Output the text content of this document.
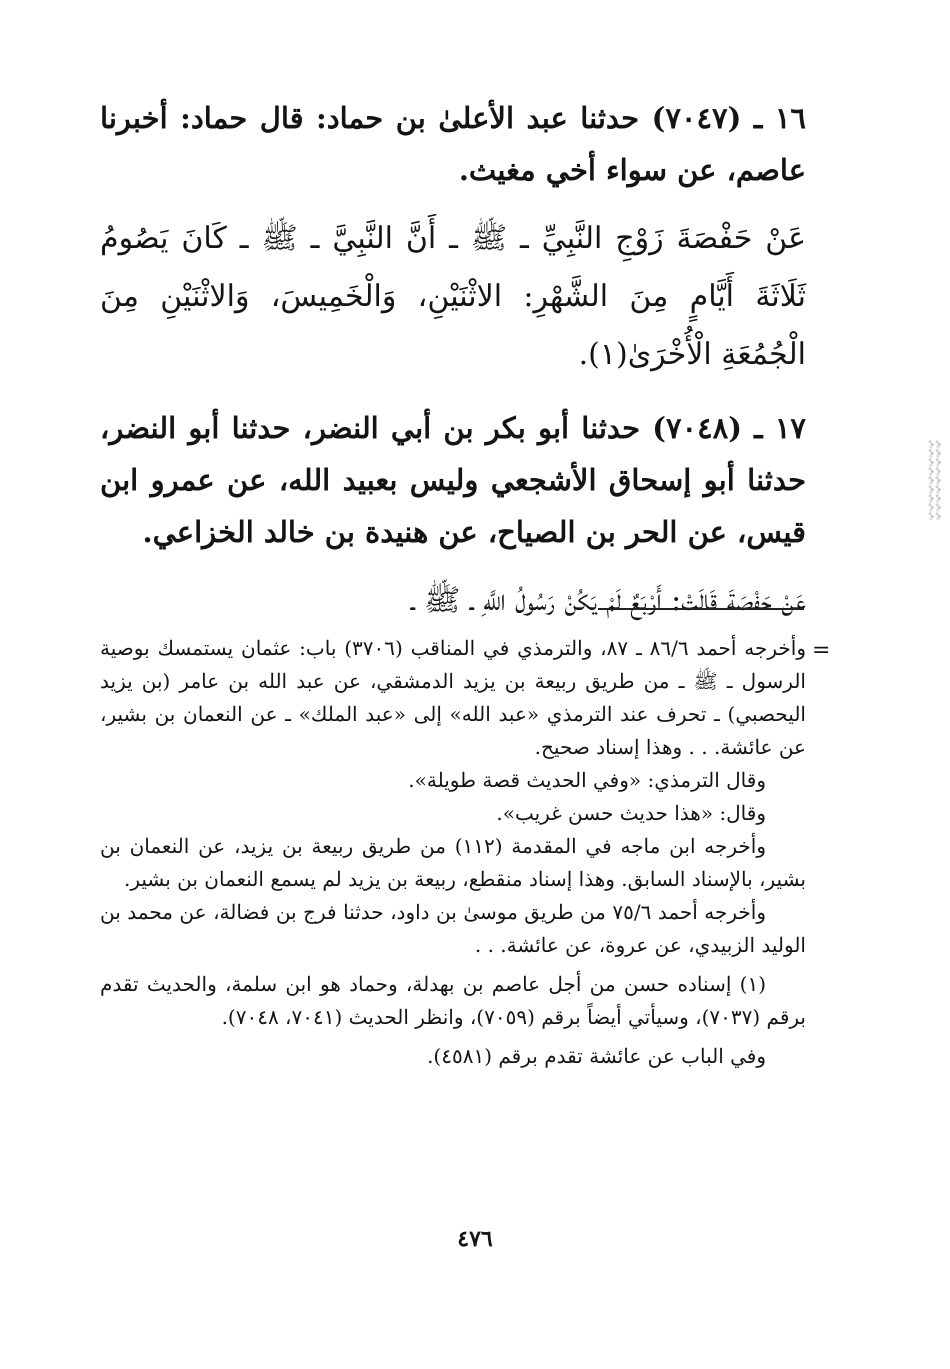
١٦ ـ (٧٠٤٧) حدثنا عبد الأعلىٰ بن حماد: قال حماد: أخبرنا عاصم، عن سواء أخي مغيث.

عَنْ حَفْصَةَ زَوْجِ النَّبِيِّ ـ ﷺ ـ أَنَّ النَّبِيَّ ـ ﷺ ـ كَانَ يَصُومُ ثَلَاثَةَ أَيَّامٍ مِنَ الشَّهْرِ: الاثْنَيْنِ، وَالْخَمِيسَ، وَالاثْنَيْنِ مِنَ الْجُمُعَةِ الْأُخْرَىٰ(١).

١٧ ـ (٧٠٤٨) حدثنا أبو بكر بن أبي النضر، حدثنا أبو النضر، حدثنا أبو إسحاق الأشجعي وليس بعبيد الله، عن عمرو ابن قيس، عن الحر بن الصياح، عن هنيدة بن خالد الخزاعي.

عَنْ حَفْصَةَ قَالَتْ: أَرْبَعٌ لَمْ يَكُنْ رَسُولُ اللَّهِ ـ ﷺ ـ

=

وأخرجه أحمد ٨٦/٦ ـ ٨٧، والترمذي في المناقب (٣٧٠٦) باب: عثمان يستمسك بوصية الرسول ـ ﷺ ـ من طريق ربيعة بن يزيد الدمشقي، عن عبد الله بن عامر (بن يزيد اليحصبي) ـ تحرف عند الترمذي «عبد الله» إلى «عبد الملك» ـ عن النعمان بن بشير، عن عائشة. . . وهذا إسناد صحيح.

وقال الترمذي: «وفي الحديث قصة طويلة».

وقال: «هذا حديث حسن غريب».

وأخرجه ابن ماجه في المقدمة (١١٢) من طريق ربيعة بن يزيد، عن النعمان بن بشير، بالإسناد السابق. وهذا إسناد منقطع، ربيعة بن يزيد لم يسمع النعمان بن بشير.

وأخرجه أحمد ٧٥/٦ من طريق موسىٰ بن داود، حدثنا فرج بن فضالة، عن محمد بن الوليد الزبيدي، عن عروة، عن عائشة. . .

(١) إسناده حسن من أجل عاصم بن بهدلة، وحماد هو ابن سلمة، والحديث تقدم برقم (٧٠٣٧)، وسيأتي أيضاً برقم (٧٠٥٩)، وانظر الحديث (٧٠٤١، ٧٠٤٨).

وفي الباب عن عائشة تقدم برقم (٤٥٨١).

٤٧٦
